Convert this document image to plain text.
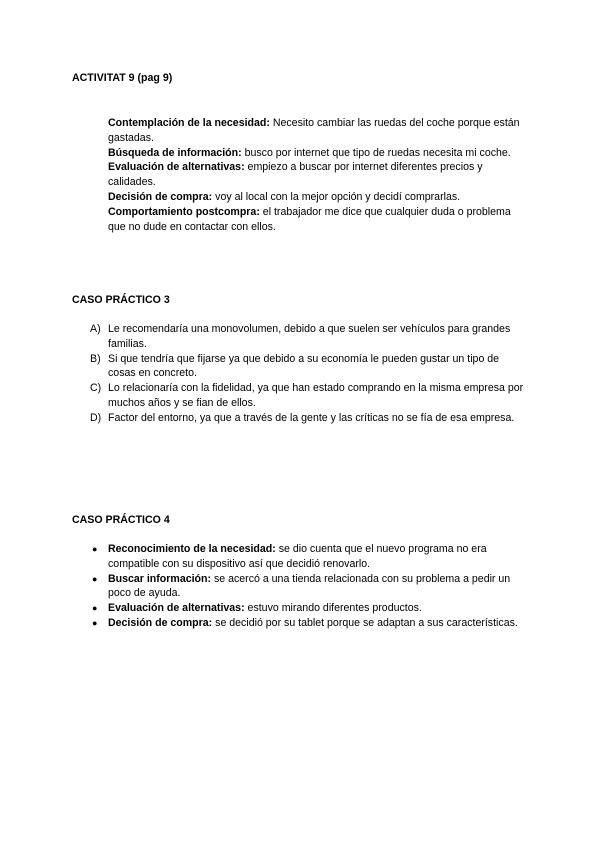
ACTIVITAT 9 (pag 9)

Contemplación de la necesidad: Necesito cambiar las ruedas del coche porque están gastadas.

Búsqueda de información: busco por internet que tipo de ruedas necesita mi coche.

Evaluación de alternativas: empiezo a buscar por internet diferentes precios y calidades.

Decisión de compra: voy al local con la mejor opción y decidí comprarlas.

Comportamiento postcompra: el trabajador me dice que cualquier duda o problema que no dude en contactar con ellos.

CASO PRÁCTICO 3
A) Le recomendaría una monovolumen, debido a que suelen ser vehículos para grandes familias.
B) Si que tendría que fijarse ya que debido a su economía le pueden gustar un tipo de cosas en concreto.
C) Lo relacionaría con la fidelidad, ya que han estado comprando en la misma empresa por muchos años y se fian de ellos.
D) Factor del entorno, ya que a través de la gente y las críticas no se fía de esa empresa.
CASO PRÁCTICO 4
● Reconocimiento de la necesidad: se dio cuenta que el nuevo programa no era compatible con su dispositivo así que decidió renovarlo.
● Buscar información: se acercó a una tienda relacionada con su problema a pedir un poco de ayuda.
● Evaluación de alternativas: estuvo mirando diferentes productos.
● Decisión de compra: se decidió por su tablet porque se adaptan a sus características.
